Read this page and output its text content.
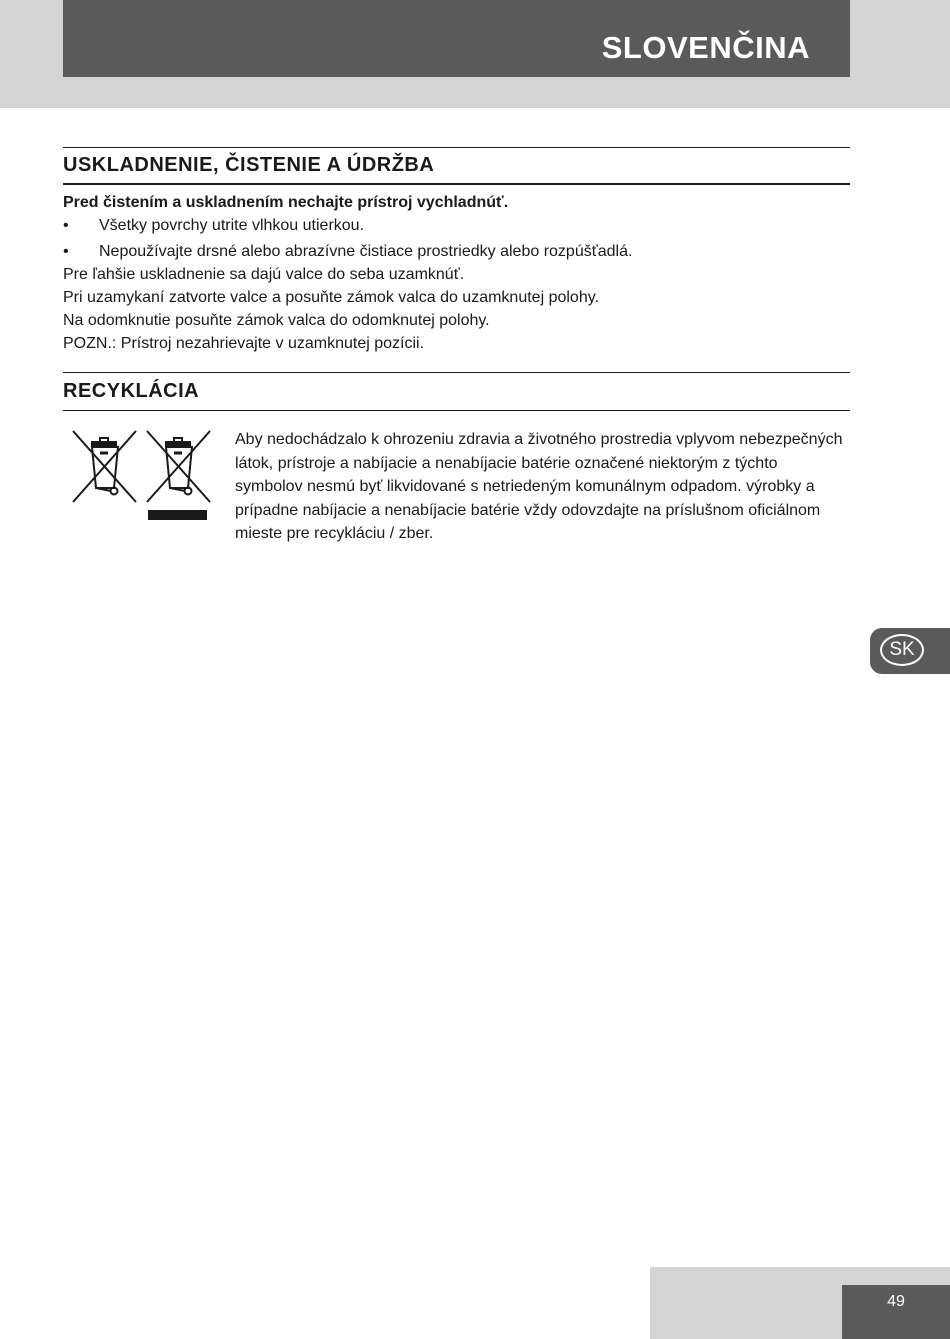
SLOVENČINA
USKLADNENIE, ČISTENIE A ÚDRŽBA

Pred čistením a uskladnením nechajte prístroj vychladnúť.

• Všetky povrchy utrite vlhkou utierkou.

• Nepoužívajte drsné alebo abrazívne čistiace prostriedky alebo rozpúšťadlá.

Pre ľahšie uskladnenie sa dajú valce do seba uzamknúť.

Pri uzamykaní zatvorte valce a posuňte zámok valca do uzamknutej polohy.

Na odomknutie posuňte zámok valca do odomknutej polohy.

POZN.: Prístroj nezahrievajte v uzamknutej pozícii.

RECYKLÁCIA

Aby nedochádzalo k ohrozeniu zdravia a životného prostredia vplyvom nebezpečných látok, prístroje a nabíjacie a nenabíjacie batérie označené niektorým z týchto symbolov nesmú byť likvidované s netriedeným komunálnym odpadom. výrobky a prípadne nabíjacie a nenabíjacie batérie vždy odovzdajte na príslušnom oficiálnom mieste pre recykláciu / zber.

SK
49
